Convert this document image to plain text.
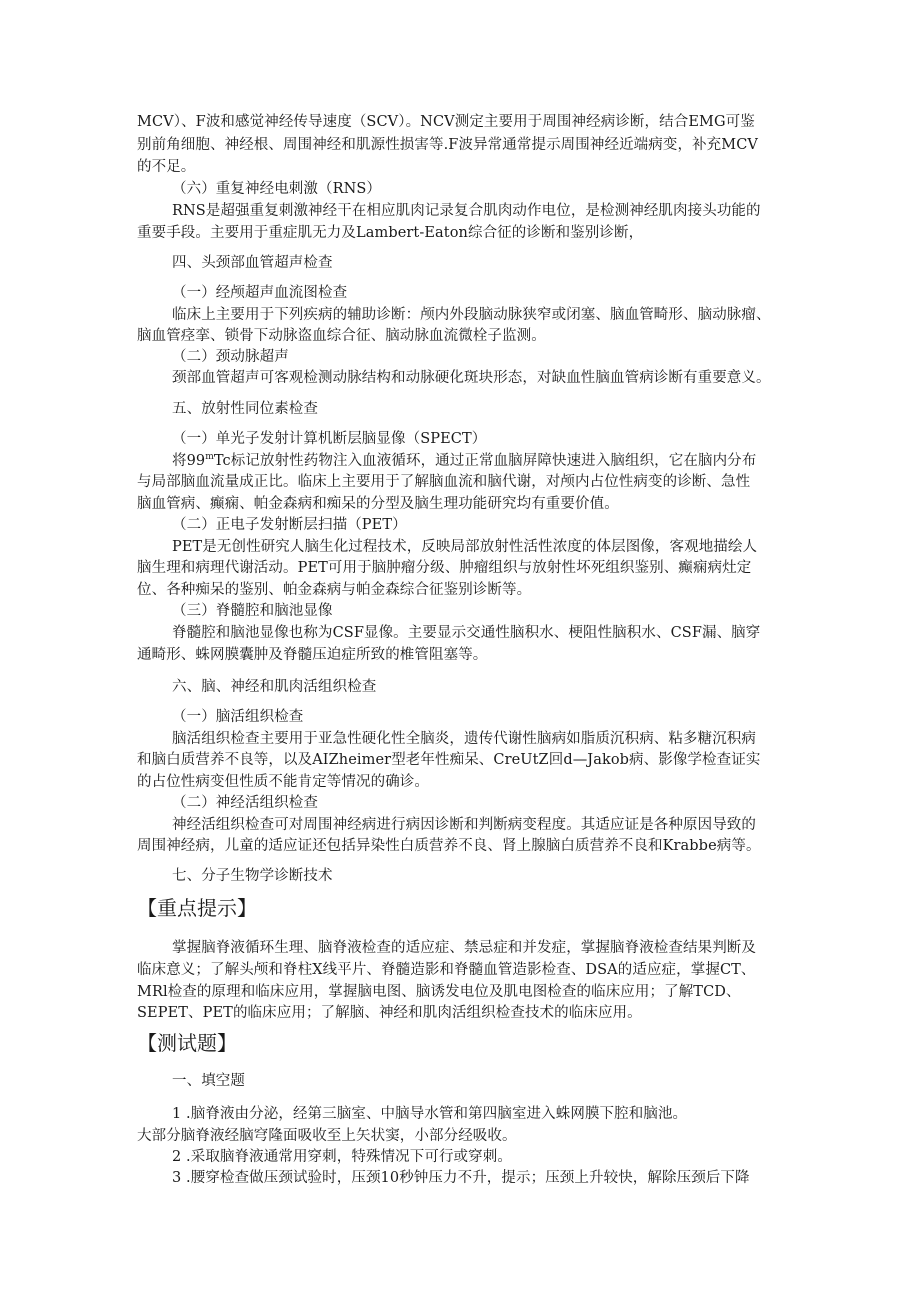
MCV）、F波和感觉神经传导速度（SCV）。NCV测定主要用于周围神经病诊断，结合EMG可鉴

别前角细胞、神经根、周围神经和肌源性损害等.F波异常通常提示周围神经近端病变，补充MCV

的不足。

（六）重复神经电刺激（RNS）

RNS是超强重复刺激神经干在相应肌肉记录复合肌肉动作电位，是检测神经肌肉接头功能的

重要手段。主要用于重症肌无力及Lambert-Eaton综合征的诊断和鉴别诊断，

四、头颈部血管超声检查

（一）经颅超声血流图检查

临床上主要用于下列疾病的辅助诊断：颅内外段脑动脉狭窄或闭塞、脑血管畸形、脑动脉瘤、

脑血管痉挛、锁骨下动脉盗血综合征、脑动脉血流微栓子监测。

（二）颈动脉超声

颈部血管超声可客观检测动脉结构和动脉硬化斑块形态，对缺血性脑血管病诊断有重要意义。

五、放射性同位素检查

（一）单光子发射计算机断层脑显像（SPECT）

将99$^m$Tc标记放射性药物注入血液循环，通过正常血脑屏障快速进入脑组织，它在脑内分布

与局部脑血流量成正比。临床上主要用于了解脑血流和脑代谢，对颅内占位性病变的诊断、急性

脑血管病、癫痫、帕金森病和痴呆的分型及脑生理功能研究均有重要价值。

（二）正电子发射断层扫描（PET）

PET是无创性研究人脑生化过程技术，反映局部放射性活性浓度的体层图像，客观地描绘人

脑生理和病理代谢活动。PET可用于脑肿瘤分级、肿瘤组织与放射性坏死组织鉴别、癫痫病灶定

位、各种痴呆的鉴别、帕金森病与帕金森综合征鉴别诊断等。

（三）脊髓腔和脑池显像

脊髓腔和脑池显像也称为CSF显像。主要显示交通性脑积水、梗阻性脑积水、CSF漏、脑穿

通畸形、蛛网膜囊肿及脊髓压迫症所致的椎管阻塞等。

六、脑、神经和肌肉活组织检查

（一）脑活组织检查

脑活组织检查主要用于亚急性硬化性全脑炎，遗传代谢性脑病如脂质沉积病、粘多糖沉积病

和脑白质营养不良等，以及AIZheimer型老年性痴呆、CreUtZ回d—Jakob病、影像学检查证实

的占位性病变但性质不能肯定等情况的确诊。

（二）神经活组织检查

神经活组织检查可对周围神经病进行病因诊断和判断病变程度。其适应证是各种原因导致的

周围神经病，儿童的适应证还包括异染性白质营养不良、肾上腺脑白质营养不良和Krabbe病等。

七、分子生物学诊断技术

【重点提示】

掌握脑脊液循环生理、脑脊液检查的适应症、禁忌症和并发症，掌握脑脊液检查结果判断及

临床意义；了解头颅和脊柱X线平片、脊髓造影和脊髓血管造影检查、DSA的适应症，掌握CT、

MRl检查的原理和临床应用，掌握脑电图、脑诱发电位及肌电图检查的临床应用；了解TCD、

SEPET、PET的临床应用；了解脑、神经和肌肉活组织检查技术的临床应用。

【测试题】

一、填空题

1 .脑脊液由分泌，经第三脑室、中脑导水管和第四脑室进入蛛网膜下腔和脑池。

大部分脑脊液经脑穹隆面吸收至上矢状窦，小部分经吸收。

2 .采取脑脊液通常用穿刺，特殊情况下可行或穿刺。

3 .腰穿检查做压颈试验时，压颈10秒钟压力不升，提示；压颈上升较快，解除压颈后下降
